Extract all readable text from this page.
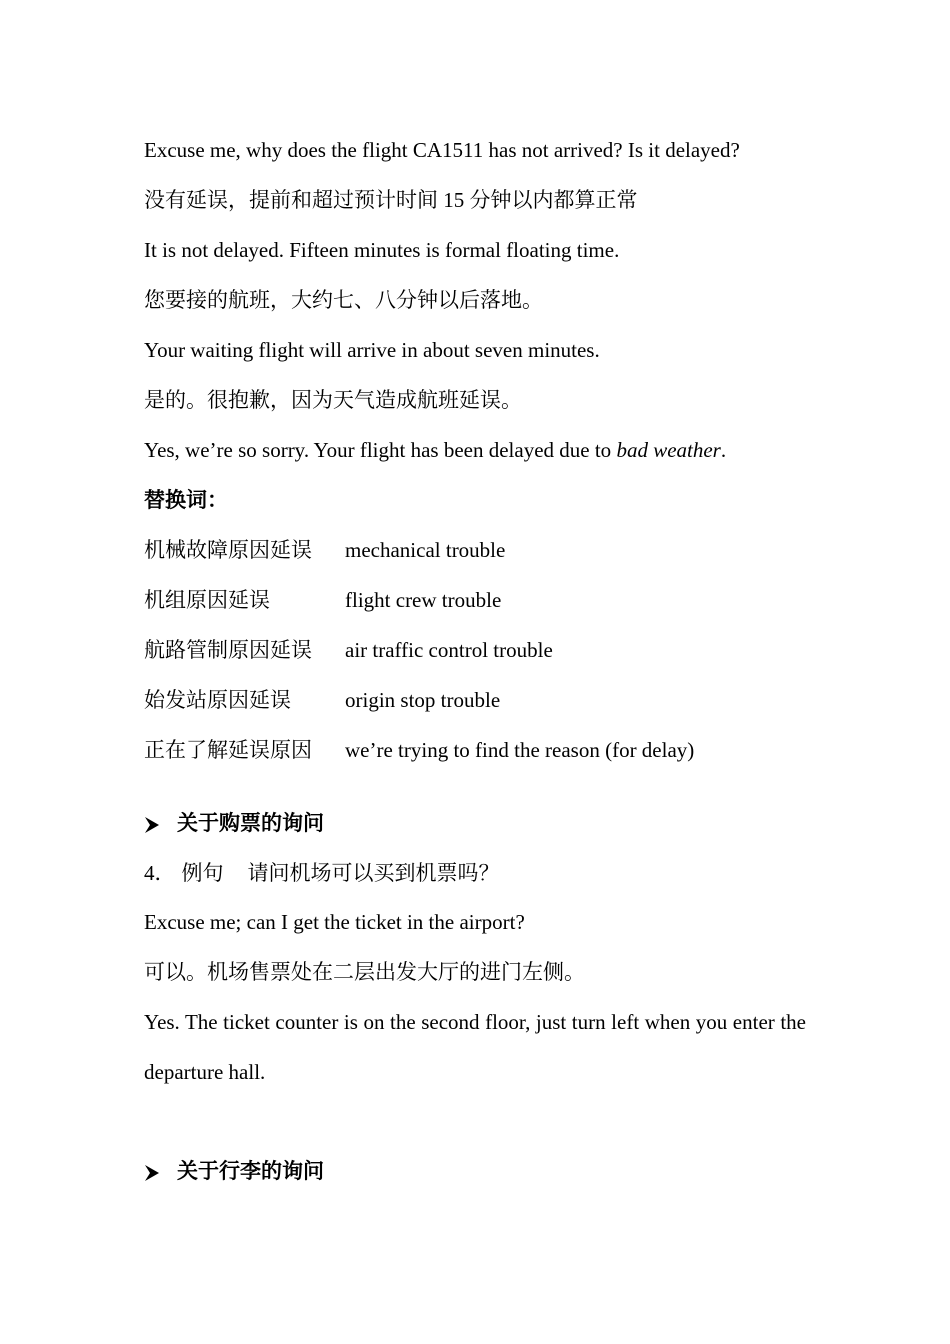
Excuse me, why does the flight CA1511 has not arrived? Is it delayed?
没有延误，提前和超过预计时间 15 分钟以内都算正常
It is not delayed. Fifteen minutes is formal floating time.
您要接的航班，大约七、八分钟以后落地。
Your waiting flight will arrive in about seven minutes.
是的。很抱歉，因为天气造成航班延误。
Yes, we’re so sorry. Your flight has been delayed due to bad weather.
替换词：
机械故障原因延误 mechanical trouble
机组原因延误	flight crew trouble
航路管制原因延误 air traffic control trouble
始发站原因延误	origin stop trouble
正在了解延误原因 we’re trying to find the reason (for delay)
关于购票的询问
4． 例句 请问机场可以买到机票吗？
Excuse me; can I get the ticket in the airport?
可以。机场售票处在二层出发大厅的进门左侧。
Yes. The ticket counter is on the second floor, just turn left when you enter the departure hall.
关于行李的询问
